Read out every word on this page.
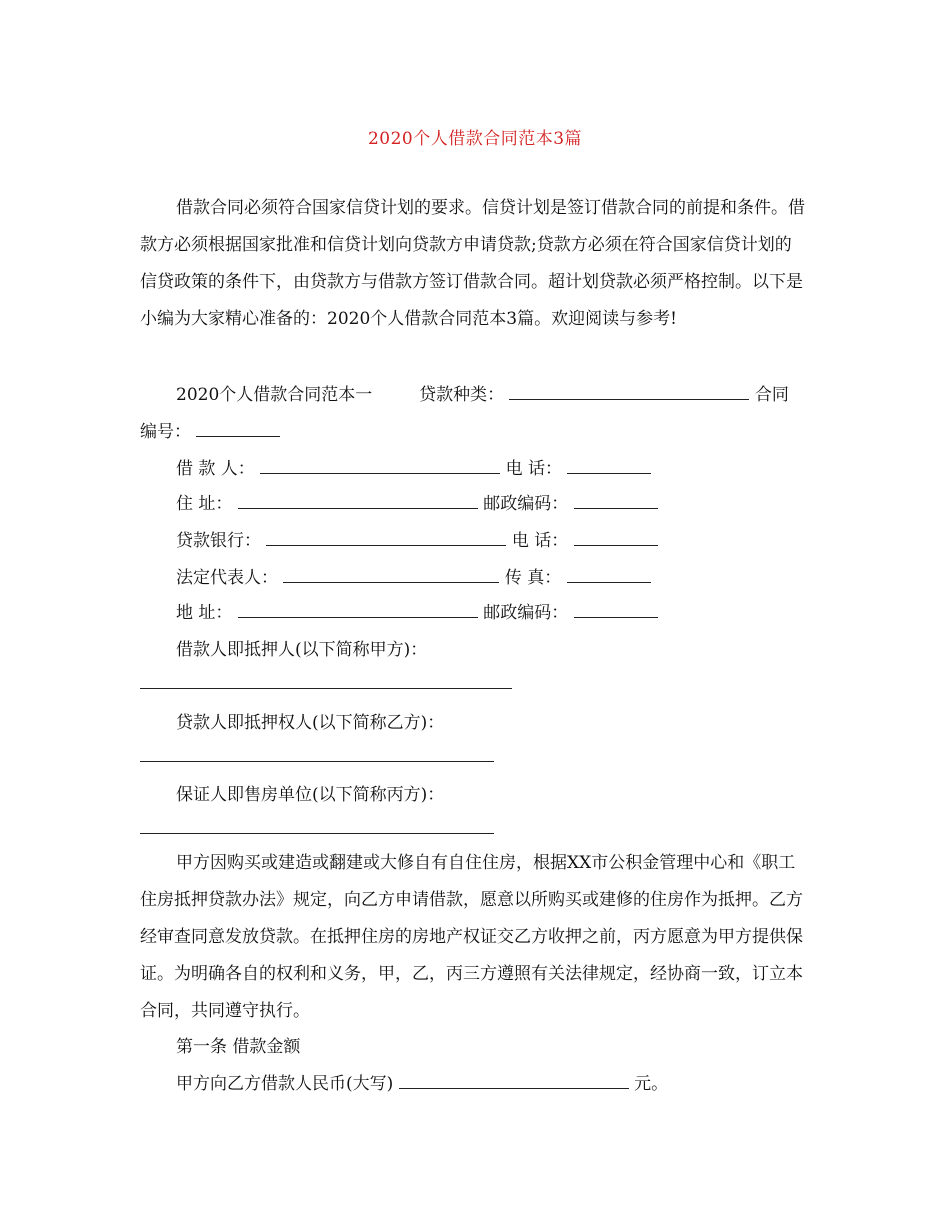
2020个人借款合同范本3篇

借款合同必须符合国家信贷计划的要求。信贷计划是签订借款合同的前提和条件。借款方必须根据国家批准和信贷计划向贷款方申请贷款;贷款方必须在符合国家信贷计划的信贷政策的条件下，由贷款方与借款方签订借款合同。超计划贷款必须严格控制。以下是小编为大家精心准备的：2020个人借款合同范本3篇。欢迎阅读与参考!

2020个人借款合同范本一	贷款种类：	合同
编号：
借 款 人：	电 话：
住 址：	邮政编码：
贷款银行：	电 话：
法定代表人：	传 真：
地 址：	邮政编码：
借款人即抵押人(以下简称甲方)：
贷款人即抵押权人(以下简称乙方)：
保证人即售房单位(以下简称丙方)：

甲方因购买或建造或翻建或大修自有自住住房，根据XX市公积金管理中心和《职工住房抵押贷款办法》规定，向乙方申请借款，愿意以所购买或建修的住房作为抵押。乙方经审查同意发放贷款。在抵押住房的房地产权证交乙方收押之前，丙方愿意为甲方提供保证。为明确各自的权利和义务，甲，乙，丙三方遵照有关法律规定，经协商一致，订立本合同，共同遵守执行。

第一条 借款金额
甲方向乙方借款人民币(大写)	元。
